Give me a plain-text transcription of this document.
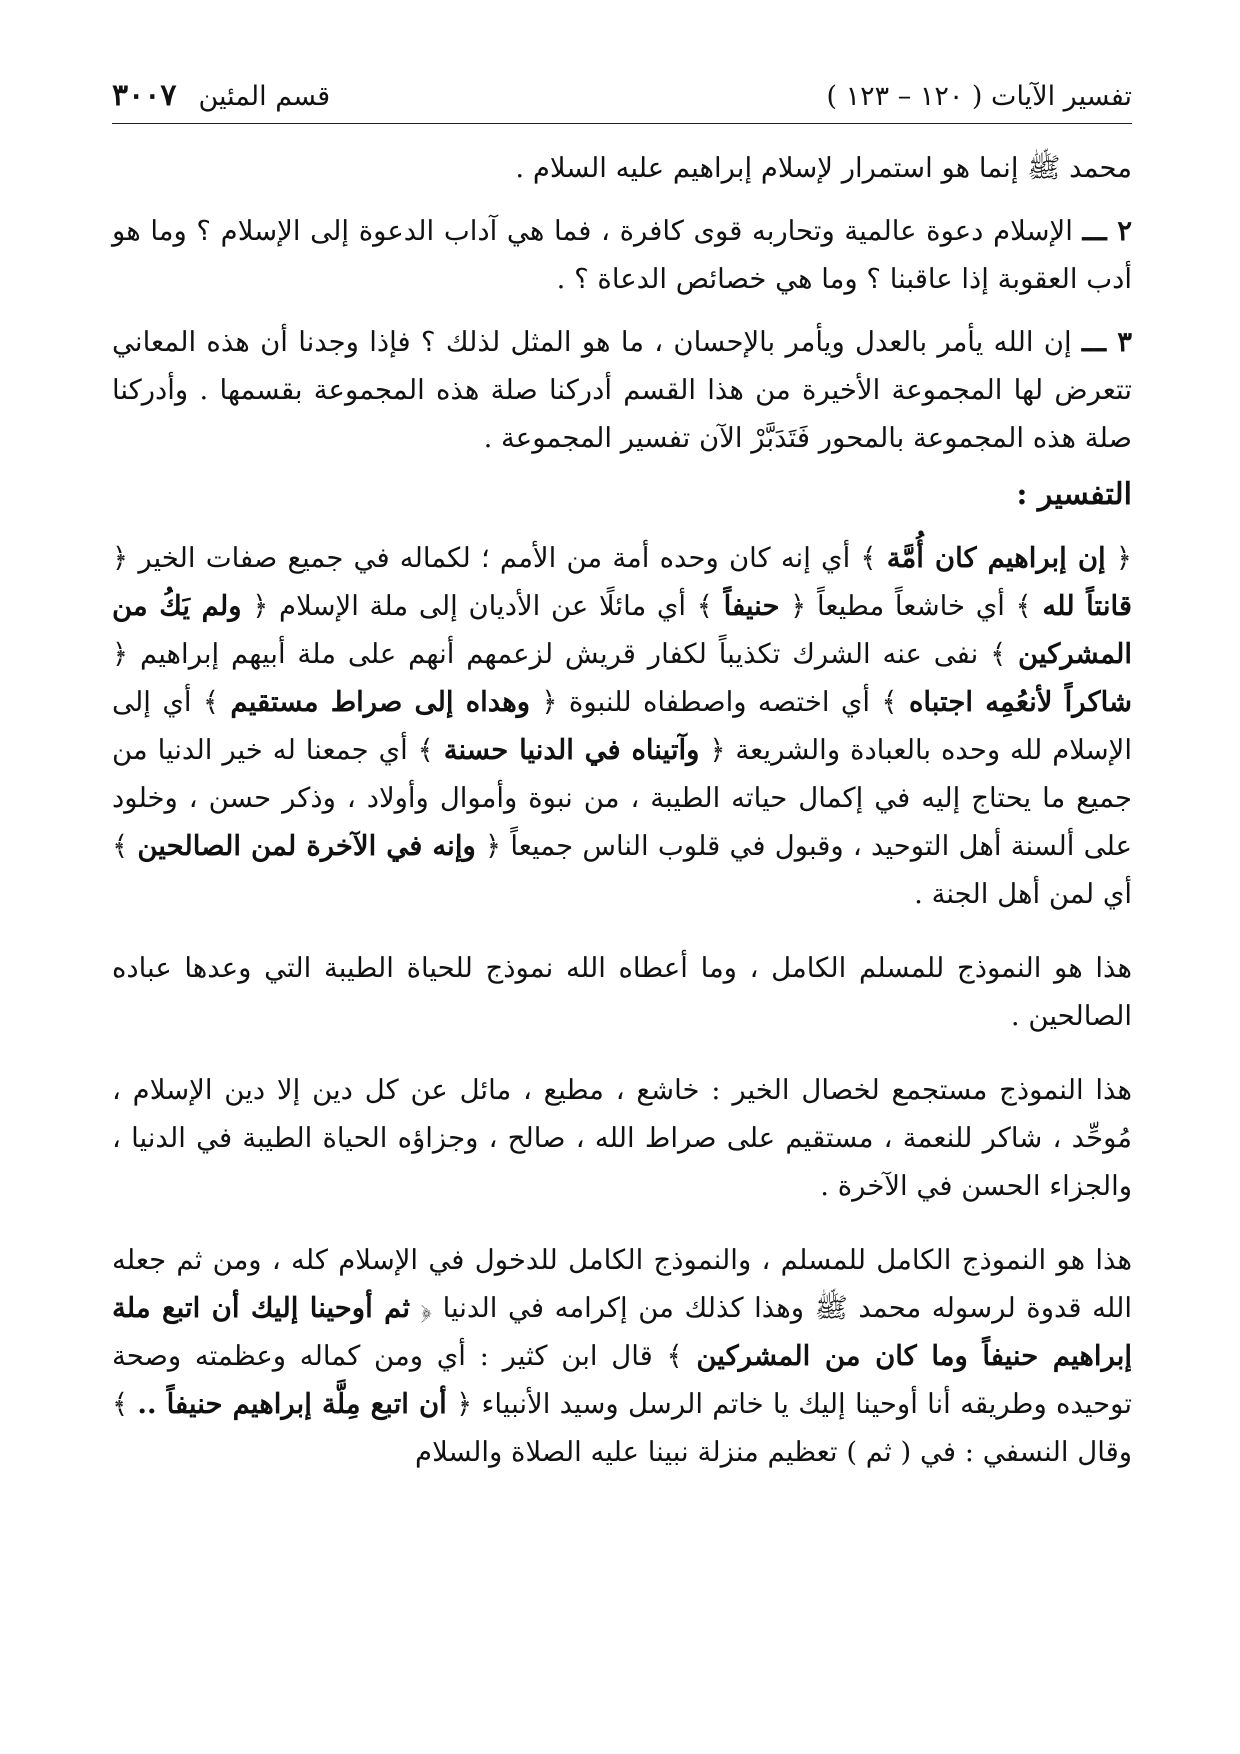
تفسير الآيات ( ١٢٠ – ١٢٣ )
قسم المئين
٣٠٠٧

محمد ﷺ إنما هو استمرار لإسلام إبراهيم عليه السلام .

٢ ـــ الإسلام دعوة عالمية وتحاربه قوى كافرة ، فما هي آداب الدعوة إلى الإسلام ؟ وما هو أدب العقوبة إذا عاقبنا ؟ وما هي خصائص الدعاة ؟ .

٣ ـــ إن الله يأمر بالعدل ويأمر بالإحسان ، ما هو المثل لذلك ؟ فإذا وجدنا أن هذه المعاني تتعرض لها المجموعة الأخيرة من هذا القسم أدركنا صلة هذه المجموعة بقسمها . وأدركنا صلة هذه المجموعة بالمحور فَتَدَبَّرْ الآن تفسير المجموعة .

التفسير :

﴿ إن إبراهيم كان أُمَّة ﴾ أي إنه كان وحده أمة من الأمم ؛ لكماله في جميع صفات الخير ﴿ قانتاً لله ﴾ أي خاشعاً مطيعاً ﴿ حنيفاً ﴾ أي مائلًا عن الأديان إلى ملة الإسلام ﴿ ولم يَكُ من المشركين ﴾ نفى عنه الشرك تكذيباً لكفار قريش لزعمهم أنهم على ملة أبيهم إبراهيم ﴿ شاكراً لأنعُمِه اجتباه ﴾ أي اختصه واصطفاه للنبوة ﴿ وهداه إلى صراط مستقيم ﴾ أي إلى الإسلام لله وحده بالعبادة والشريعة ﴿ وآتيناه في الدنيا حسنة ﴾ أي جمعنا له خير الدنيا من جميع ما يحتاج إليه في إكمال حياته الطيبة ، من نبوة وأموال وأولاد ، وذكر حسن ، وخلود على ألسنة أهل التوحيد ، وقبول في قلوب الناس جميعاً ﴿ وإنه في الآخرة لمن الصالحين ﴾ أي لمن أهل الجنة .

هذا هو النموذج للمسلم الكامل ، وما أعطاه الله نموذج للحياة الطيبة التي وعدها عباده الصالحين .

هذا النموذج مستجمع لخصال الخير : خاشع ، مطيع ، مائل عن كل دين إلا دين الإسلام ، مُوحِّد ، شاكر للنعمة ، مستقيم على صراط الله ، صالح ، وجزاؤه الحياة الطيبة في الدنيا ، والجزاء الحسن في الآخرة .

هذا هو النموذج الكامل للمسلم ، والنموذج الكامل للدخول في الإسلام كله ، ومن ثم جعله الله قدوة لرسوله محمد ﷺ وهذا كذلك من إكرامه في الدنيا ﴿ ثم أوحينا إليك أن اتبع ملة إبراهيم حنيفاً وما كان من المشركين ﴾ قال ابن كثير : أي ومن كماله وعظمته وصحة توحيده وطريقه أنا أوحينا إليك يا خاتم الرسل وسيد الأنبياء ﴿ أن اتبع مِلَّة إبراهيم حنيفاً .. ﴾ وقال النسفي : في ( ثم ) تعظيم منزلة نبينا عليه الصلاة والسلام
